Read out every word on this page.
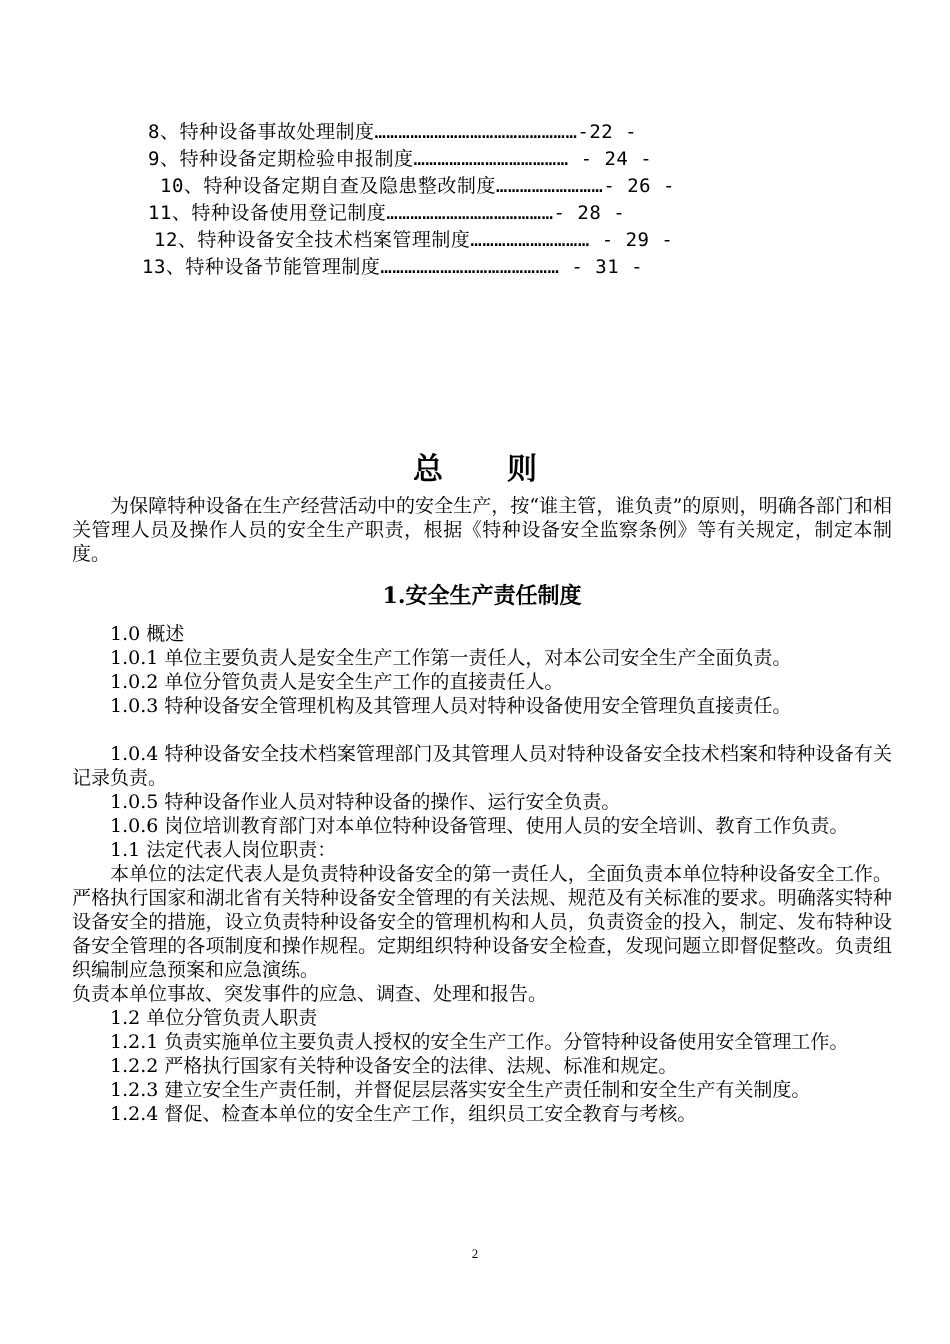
8、特种设备事故处理制度……………………………………………-22 -
9、特种设备定期检验申报制度………………………………… - 24 -
10、特种设备定期自查及隐患整改制度………………………- 26 -
11、特种设备使用登记制度……………………………………- 28 -
12、特种设备安全技术档案管理制度………………………… - 29 -
13、特种设备节能管理制度……………………………………… - 31 -
总则

为保障特种设备在生产经营活动中的安全生产，按“谁主管，谁负责”的原则，明确各部门和相关管理人员及操作人员的安全生产职责，根据《特种设备安全监察条例》等有关规定，制定本制度。

1.安全生产责任制度

1.0 概述

1.0.1 单位主要负责人是安全生产工作第一责任人，对本公司安全生产全面负责。

1.0.2 单位分管负责人是安全生产工作的直接责任人。

1.0.3 特种设备安全管理机构及其管理人员对特种设备使用安全管理负直接责任。

1.0.4 特种设备安全技术档案管理部门及其管理人员对特种设备安全技术档案和特种设备有关记录负责。

1.0.5 特种设备作业人员对特种设备的操作、运行安全负责。

1.0.6 岗位培训教育部门对本单位特种设备管理、使用人员的安全培训、教育工作负责。

1.1 法定代表人岗位职责：

本单位的法定代表人是负责特种设备安全的第一责任人，全面负责本单位特种设备安全工作。严格执行国家和湖北省有关特种设备安全管理的有关法规、规范及有关标准的要求。明确落实特种设备安全的措施，设立负责特种设备安全的管理机构和人员，负责资金的投入，制定、发布特种设备安全管理的各项制度和操作规程。定期组织特种设备安全检查，发现问题立即督促整改。负责组织编制应急预案和应急演练。

负责本单位事故、突发事件的应急、调查、处理和报告。

1.2 单位分管负责人职责

1.2.1 负责实施单位主要负责人授权的安全生产工作。分管特种设备使用安全管理工作。

1.2.2 严格执行国家有关特种设备安全的法律、法规、标准和规定。

1.2.3 建立安全生产责任制，并督促层层落实安全生产责任制和安全生产有关制度。

1.2.4 督促、检查本单位的安全生产工作，组织员工安全教育与考核。

2
